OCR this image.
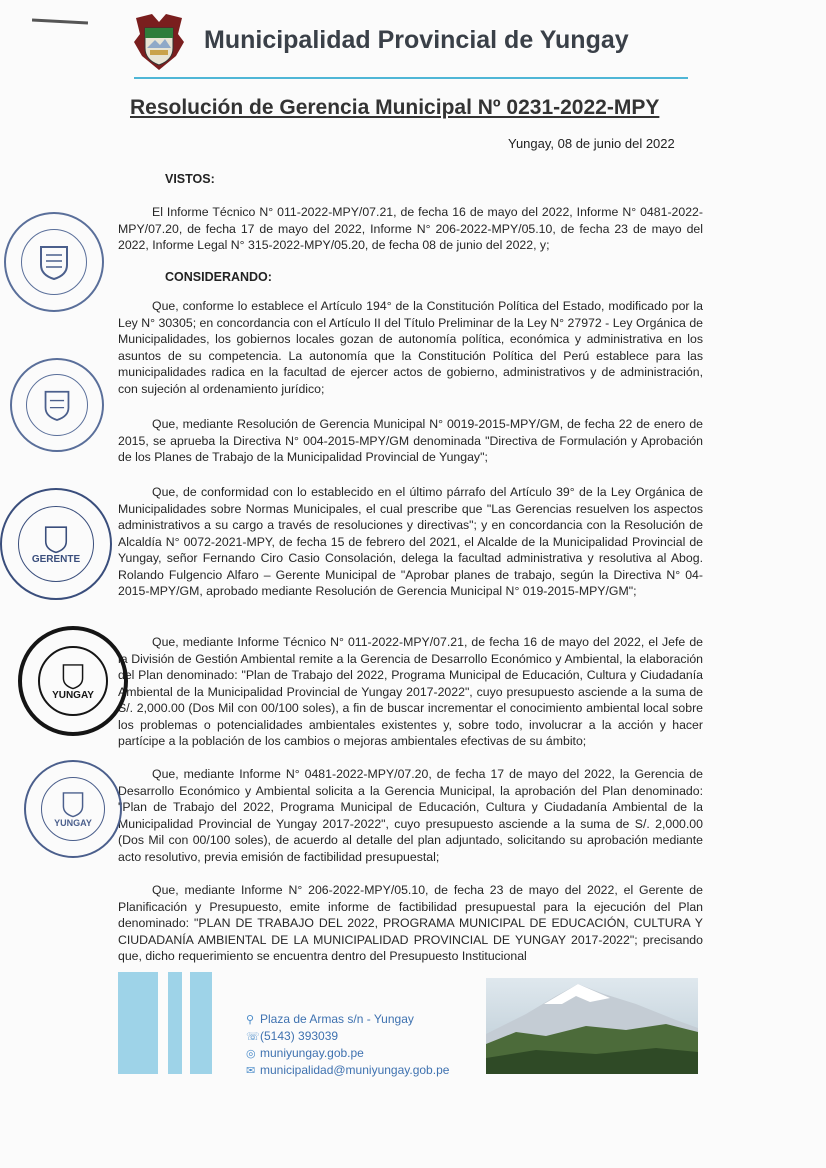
Municipalidad Provincial de Yungay
Resolución de Gerencia Municipal Nº 0231-2022-MPY
Yungay, 08 de junio del 2022
VISTOS:
El Informe Técnico N° 011-2022-MPY/07.21, de fecha 16 de mayo del 2022, Informe N° 0481-2022-MPY/07.20, de fecha 17 de mayo del 2022, Informe N° 206-2022-MPY/05.10, de fecha 23 de mayo del 2022, Informe Legal N° 315-2022-MPY/05.20, de fecha 08 de junio del 2022, y;
CONSIDERANDO:
Que, conforme lo establece el Artículo 194° de la Constitución Política del Estado, modificado por la Ley N° 30305; en concordancia con el Artículo II del Título Preliminar de la Ley N° 27972 - Ley Orgánica de Municipalidades, los gobiernos locales gozan de autonomía política, económica y administrativa en los asuntos de su competencia. La autonomía que la Constitución Política del Perú establece para las municipalidades radica en la facultad de ejercer actos de gobierno, administrativos y de administración, con sujeción al ordenamiento jurídico;
Que, mediante Resolución de Gerencia Municipal N° 0019-2015-MPY/GM, de fecha 22 de enero de 2015, se aprueba la Directiva N° 004-2015-MPY/GM denominada "Directiva de Formulación y Aprobación de los Planes de Trabajo de la Municipalidad Provincial de Yungay";
Que, de conformidad con lo establecido en el último párrafo del Artículo 39° de la Ley Orgánica de Municipalidades sobre Normas Municipales, el cual prescribe que "Las Gerencias resuelven los aspectos administrativos a su cargo a través de resoluciones y directivas"; y en concordancia con la Resolución de Alcaldía N° 0072-2021-MPY, de fecha 15 de febrero del 2021, el Alcalde de la Municipalidad Provincial de Yungay, señor Fernando Ciro Casio Consolación, delega la facultad administrativa y resolutiva al Abog. Rolando Fulgencio Alfaro – Gerente Municipal de "Aprobar planes de trabajo, según la Directiva N° 04-2015-MPY/GM, aprobado mediante Resolución de Gerencia Municipal N° 019-2015-MPY/GM";
Que, mediante Informe Técnico N° 011-2022-MPY/07.21, de fecha 16 de mayo del 2022, el Jefe de la División de Gestión Ambiental remite a la Gerencia de Desarrollo Económico y Ambiental, la elaboración del Plan denominado: "Plan de Trabajo del 2022, Programa Municipal de Educación, Cultura y Ciudadanía Ambiental de la Municipalidad Provincial de Yungay 2017-2022", cuyo presupuesto asciende a la suma de S/. 2,000.00 (Dos Mil con 00/100 soles), a fin de buscar incrementar el conocimiento ambiental local sobre los problemas o potencialidades ambientales existentes y, sobre todo, involucrar a la acción y hacer partícipe a la población de los cambios o mejoras ambientales efectivas de su ámbito;
Que, mediante Informe N° 0481-2022-MPY/07.20, de fecha 17 de mayo del 2022, la Gerencia de Desarrollo Económico y Ambiental solicita a la Gerencia Municipal, la aprobación del Plan denominado: "Plan de Trabajo del 2022, Programa Municipal de Educación, Cultura y Ciudadanía Ambiental de la Municipalidad Provincial de Yungay 2017-2022", cuyo presupuesto asciende a la suma de S/. 2,000.00 (Dos Mil con 00/100 soles), de acuerdo al detalle del plan adjuntado, solicitando su aprobación mediante acto resolutivo, previa emisión de factibilidad presupuestal;
Que, mediante Informe N° 206-2022-MPY/05.10, de fecha 23 de mayo del 2022, el Gerente de Planificación y Presupuesto, emite informe de factibilidad presupuestal para la ejecución del Plan denominado: "PLAN DE TRABAJO DEL 2022, PROGRAMA MUNICIPAL DE EDUCACIÓN, CULTURA Y CIUDADANÍA AMBIENTAL DE LA MUNICIPALIDAD PROVINCIAL DE YUNGAY 2017-2022"; precisando que, dicho requerimiento se encuentra dentro del Presupuesto Institucional
GERENTE
YUNGAY
YUNGAY
⚲ Plaza de Armas s/n - Yungay
☏(5143) 393039
◎ muniyungay.gob.pe
✉ municipalidad@muniyungay.gob.pe
